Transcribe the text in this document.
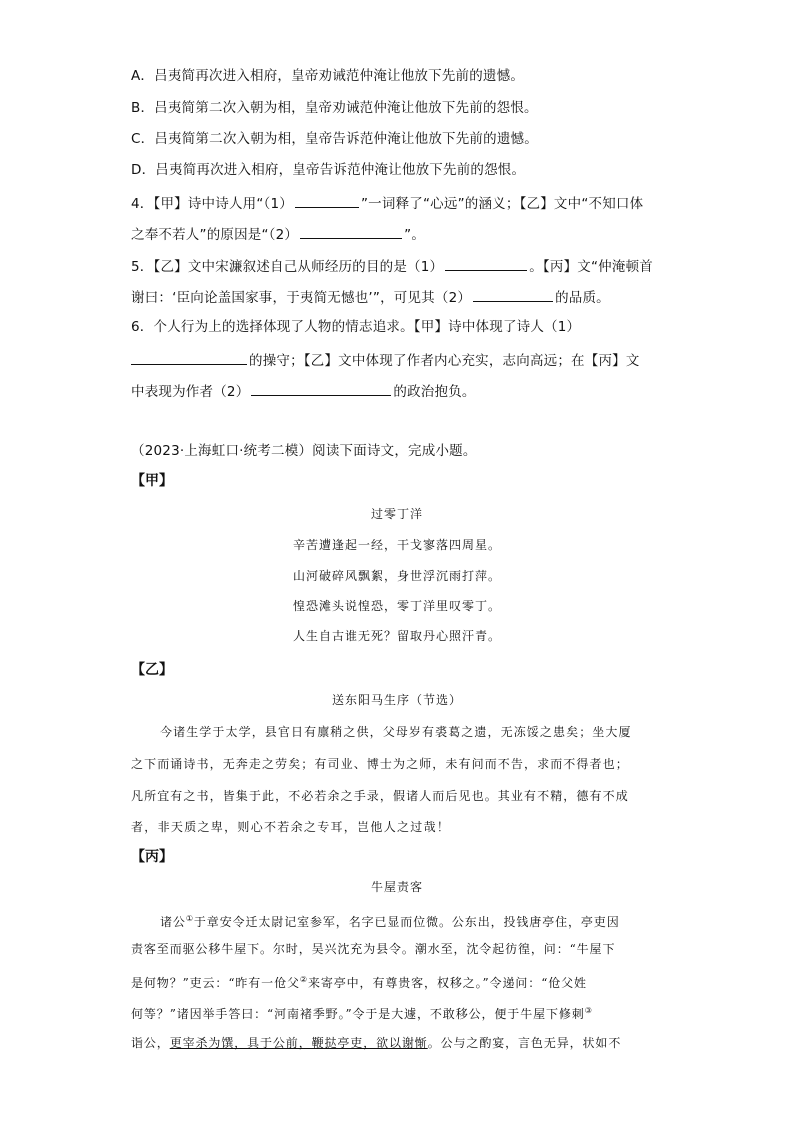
A．吕夷简再次进入相府，皇帝劝诫范仲淹让他放下先前的遗憾。
B．吕夷简第二次入朝为相，皇帝劝诫范仲淹让他放下先前的怨恨。
C．吕夷简第二次入朝为相，皇帝告诉范仲淹让他放下先前的遗憾。
D．吕夷简再次进入相府，皇帝告诉范仲淹让他放下先前的怨恨。
4．【甲】诗中诗人用“（1）	”一词释了“心远”的涵义；【乙】文中“不知口体
之奉不若人”的原因是“（2）	”。
5．【乙】文中宋濂叙述自己从师经历的目的是（1）	。【丙】文“仲淹顿首
谢曰：‘臣向论盖国家事，于夷简无憾也’”，可见其（2）	的品质。
6．个人行为上的选择体现了人物的情志追求。【甲】诗中体现了诗人（1）
的操守；【乙】文中体现了作者内心充实，志向高远；在【丙】文
中表现为作者（2）	的政治抱负。
（2023·上海虹口·统考二模）阅读下面诗文，完成小题。
【甲】
过零丁洋
辛苦遭逢起一经，干戈寥落四周星。
山河破碎风飘絮，身世浮沉雨打萍。
惶恐滩头说惶恐，零丁洋里叹零丁。
人生自古谁无死？留取丹心照汗青。
【乙】
送东阳马生序（节选）
今诸生学于太学，县官日有廪稍之供，父母岁有裘葛之遗，无冻馁之患矣；坐大厦
之下而诵诗书，无奔走之劳矣；有司业、博士为之师，未有问而不告，求而不得者也；
凡所宜有之书，皆集于此，不必若余之手录，假诸人而后见也。其业有不精，德有不成
者，非天质之卑，则心不若余之专耳，岂他人之过哉！
【丙】
牛屋责客
诸公①于章安令迁太尉记室参军，名字已显而位微。公东出，投钱唐亭住，亭吏因
责客至而驱公移牛屋下。尔时，吴兴沈充为县令。潮水至，沈令起彷徨，问：“牛屋下
是何物？”吏云：“昨有一伧父②来寄亭中，有尊贵客，权移之。”令递问：“伧父姓
何等？”诸因举手答曰：“河南褚季野。”令于是大遽，不敢移公，便于牛屋下修刺③
诣公，更宰杀为馔，具于公前，鞭挞亭吏，欲以谢惭。公与之酌宴，言色无异，状如不
